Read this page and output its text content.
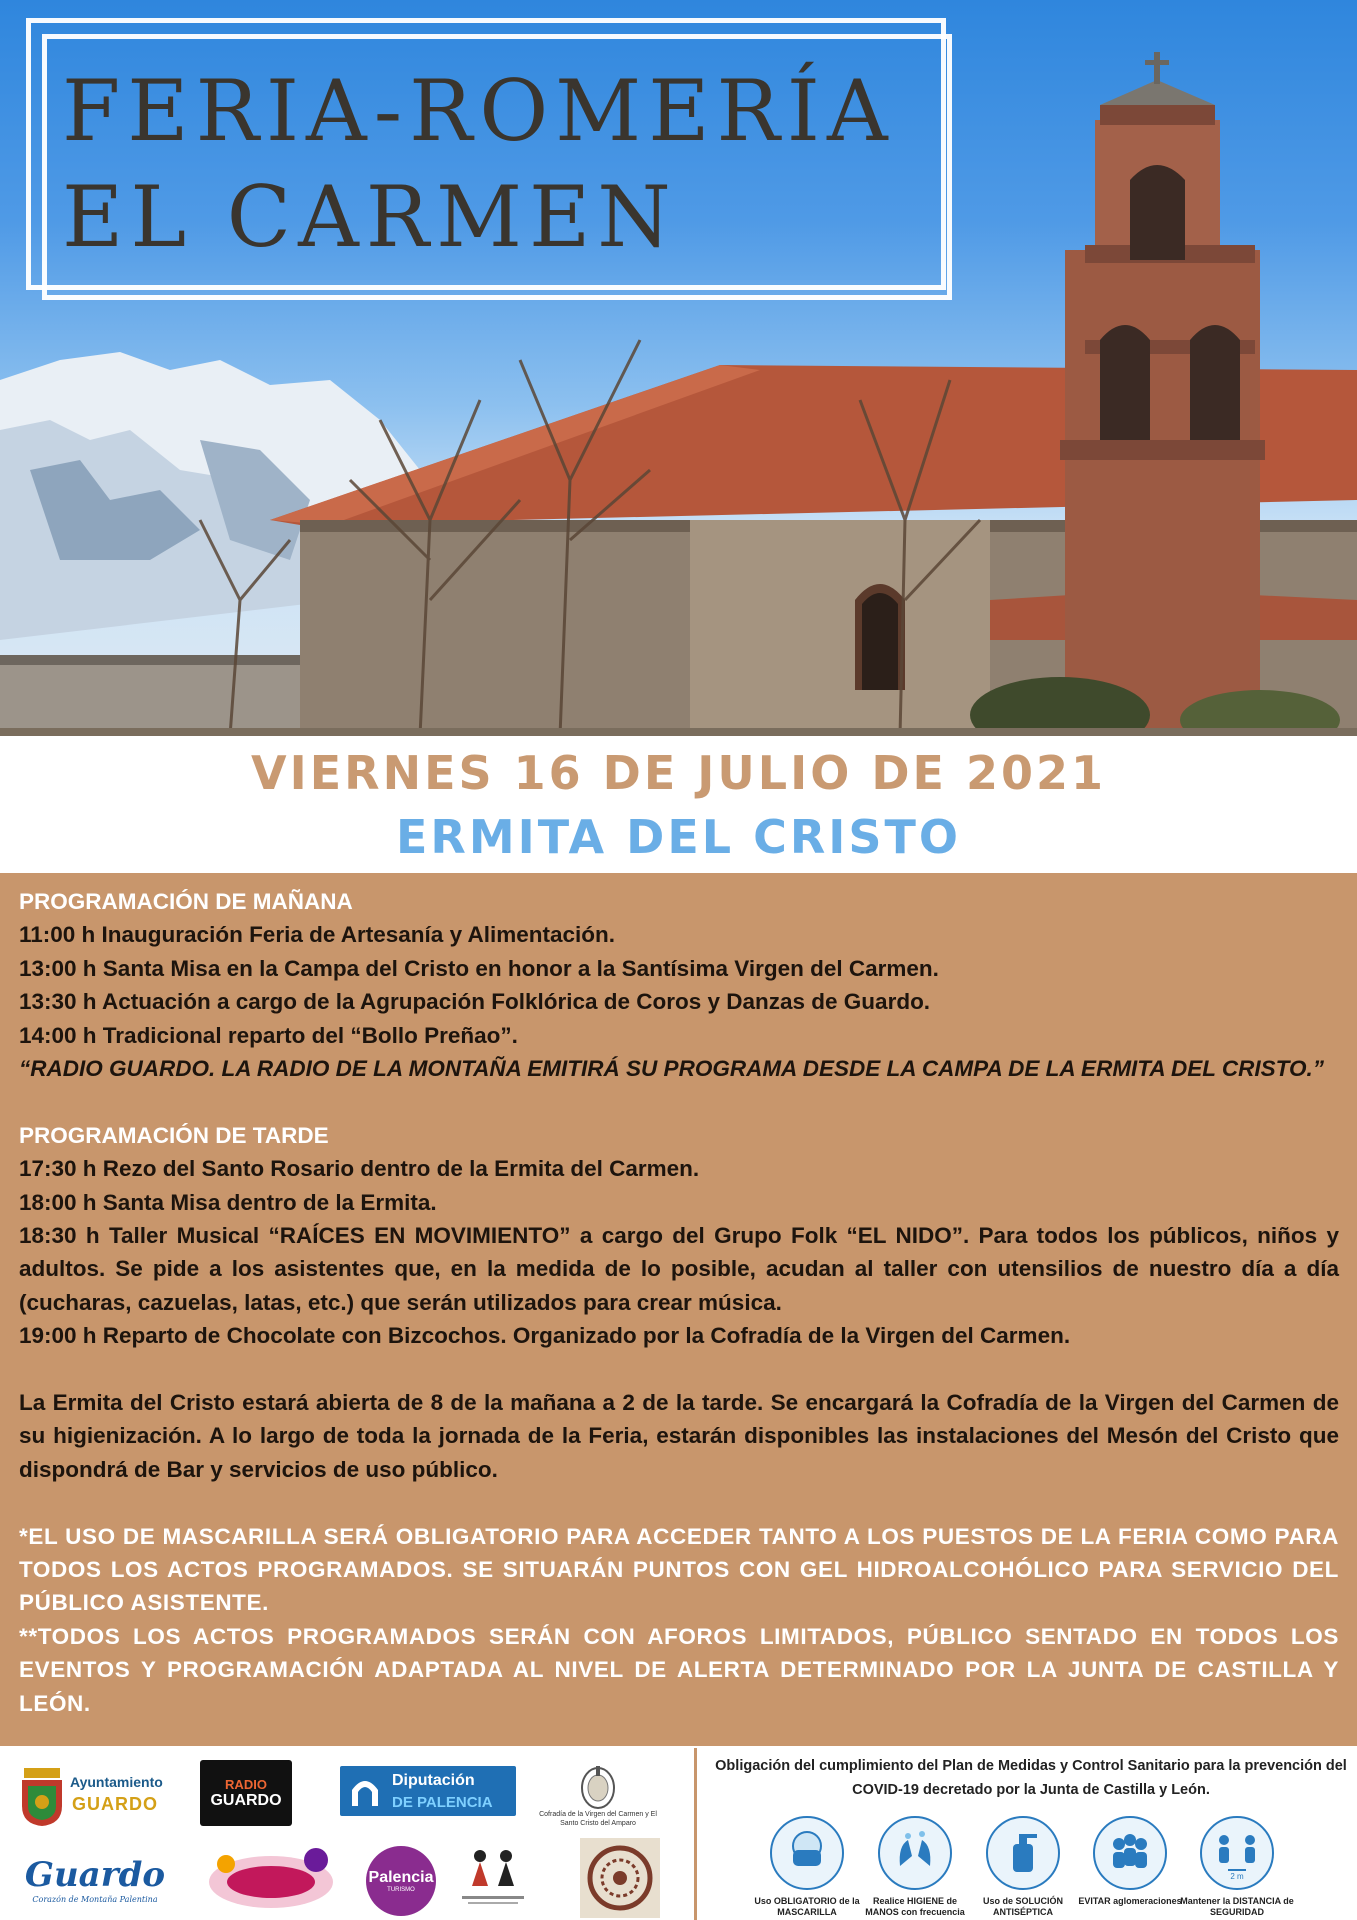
FERIA-ROMERÍA
EL CARMEN
VIERNES 16 DE JULIO DE 2021
ERMITA DEL CRISTO
PROGRAMACIÓN DE MAÑANA
11:00 h Inauguración Feria de Artesanía y Alimentación.
13:00 h Santa Misa en la Campa del Cristo en honor a la Santísima Virgen del Carmen.
13:30 h Actuación a cargo de la Agrupación Folklórica de Coros y Danzas de Guardo.
14:00 h Tradicional reparto del “Bollo Preñao”.
“RADIO GUARDO. LA RADIO DE LA MONTAÑA EMITIRÁ SU PROGRAMA DESDE LA CAMPA DE LA ERMITA DEL CRISTO.”
PROGRAMACIÓN DE TARDE
17:30 h Rezo del Santo Rosario dentro de la Ermita del Carmen.
18:00 h Santa Misa dentro de la Ermita.
18:30 h Taller Musical “RAÍCES EN MOVIMIENTO” a cargo del Grupo Folk “EL NIDO”. Para todos los públicos, niños y adultos. Se pide a los asistentes que, en la medida de lo posible, acudan al taller con utensilios de nuestro día a día (cucharas, cazuelas, latas, etc.) que serán utilizados para crear música.
19:00 h Reparto de Chocolate con Bizcochos. Organizado por la Cofradía de la Virgen del Carmen.
La Ermita del Cristo estará abierta de 8 de la mañana a 2 de la tarde. Se encargará la Cofradía de la Virgen del Carmen de su higienización. A lo largo de toda la jornada de la Feria, estarán disponibles las instalaciones del Mesón del Cristo que dispondrá de Bar y servicios de uso público.
*EL USO DE MASCARILLA SERÁ OBLIGATORIO PARA ACCEDER TANTO A LOS PUESTOS DE LA FERIA COMO PARA TODOS LOS ACTOS PROGRAMADOS. SE SITUARÁN PUNTOS CON GEL HIDROALCOHÓLICO PARA SERVICIO DEL PÚBLICO ASISTENTE.
**TODOS LOS ACTOS PROGRAMADOS SERÁN CON AFOROS LIMITADOS, PÚBLICO SENTADO EN TODOS LOS EVENTOS Y PROGRAMACIÓN ADAPTADA AL NIVEL DE ALERTA DETERMINADO POR LA JUNTA DE CASTILLA Y LEÓN.
Ayuntamiento
GUARDO
RADIO
GUARDO
Diputación
DE PALENCIA
Cofradía de la Virgen del Carmen y El Santo Cristo del Amparo
Guardo
Corazón de Montaña Palentina
Palencia
TURISMO
Obligación del cumplimiento del Plan de Medidas y Control Sanitario para la prevención del COVID-19 decretado por la Junta de Castilla y León.
Uso OBLIGATORIO de la MASCARILLA
Realice HIGIENE de MANOS con frecuencia
Uso de SOLUCIÓN ANTISÉPTICA
EVITAR aglomeraciones
2 m
Mantener la DISTANCIA de SEGURIDAD
